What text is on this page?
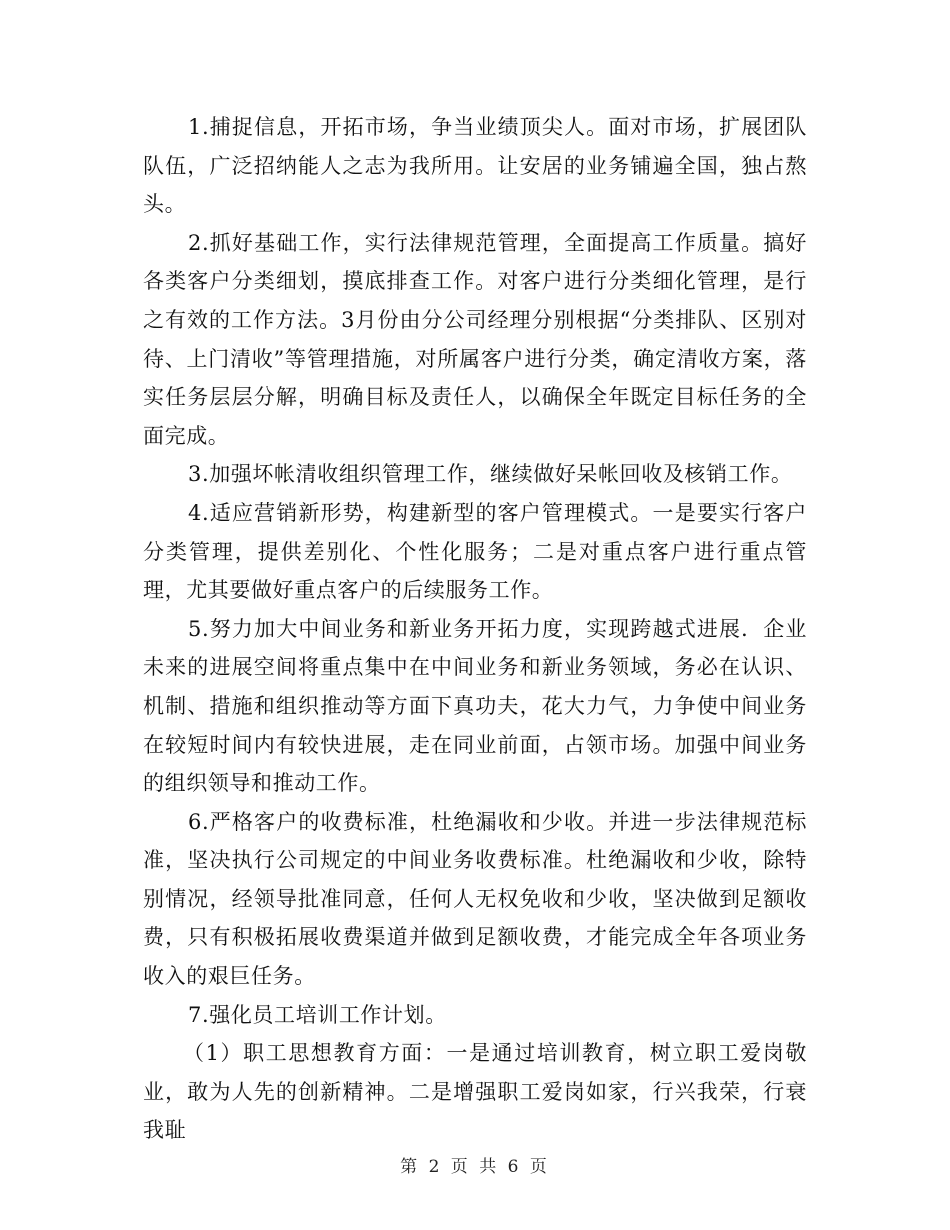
1.捕捉信息，开拓市场，争当业绩顶尖人。面对市场，扩展团队队伍，广泛招纳能人之志为我所用。让安居的业务铺遍全国，独占熬头。

2.抓好基础工作，实行法律规范管理，全面提高工作质量。搞好各类客户分类细划，摸底排查工作。对客户进行分类细化管理，是行之有效的工作方法。3月份由分公司经理分别根据“分类排队、区别对待、上门清收”等管理措施，对所属客户进行分类，确定清收方案，落实任务层层分解，明确目标及责任人，以确保全年既定目标任务的全面完成。

3.加强坏帐清收组织管理工作，继续做好呆帐回收及核销工作。

4.适应营销新形势，构建新型的客户管理模式。一是要实行客户分类管理，提供差别化、个性化服务；二是对重点客户进行重点管理，尤其要做好重点客户的后续服务工作。

5.努力加大中间业务和新业务开拓力度，实现跨越式进展．企业未来的进展空间将重点集中在中间业务和新业务领域，务必在认识、机制、措施和组织推动等方面下真功夫，花大力气，力争使中间业务在较短时间内有较快进展，走在同业前面，占领市场。加强中间业务的组织领导和推动工作。

6.严格客户的收费标准，杜绝漏收和少收。并进一步法律规范标准，坚决执行公司规定的中间业务收费标准。杜绝漏收和少收，除特别情况，经领导批准同意，任何人无权免收和少收，坚决做到足额收费，只有积极拓展收费渠道并做到足额收费，才能完成全年各项业务收入的艰巨任务。

7.强化员工培训工作计划。

（1）职工思想教育方面：一是通过培训教育，树立职工爱岗敬业，敢为人先的创新精神。二是增强职工爱岗如家，行兴我荣，行衰我耻

第 2 页 共 6 页
